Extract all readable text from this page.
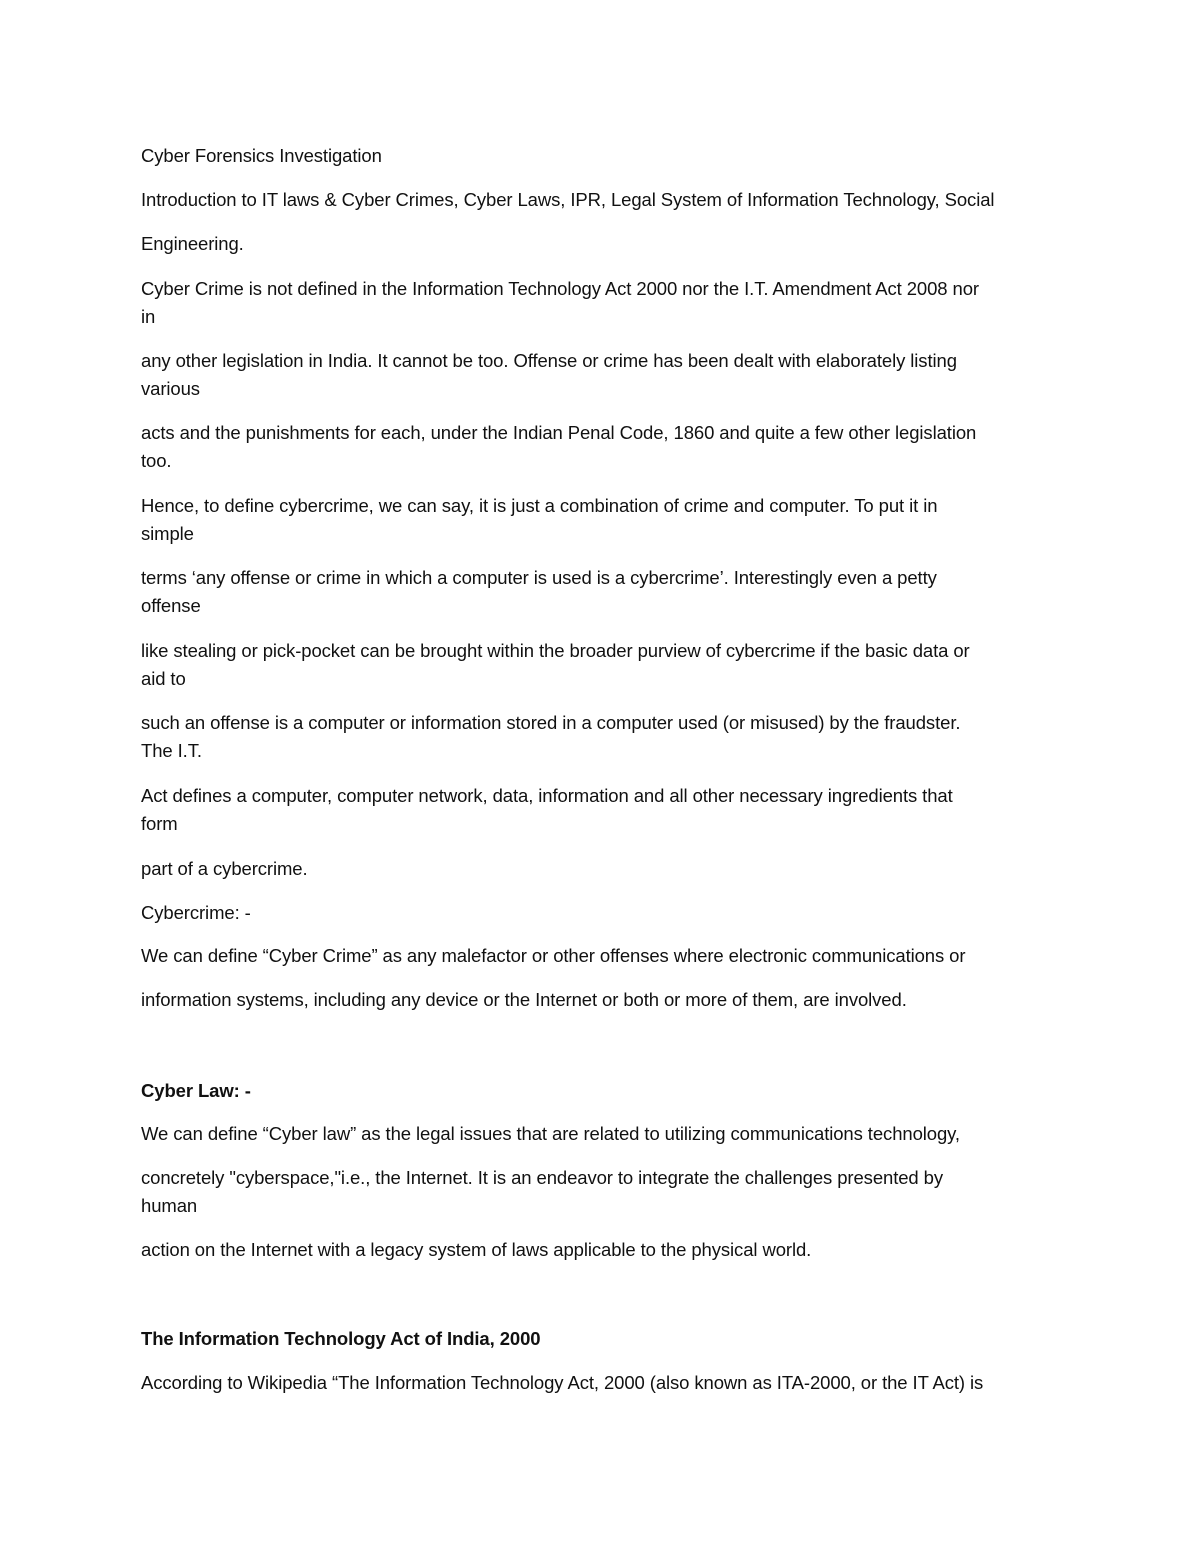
Cyber Forensics Investigation

Introduction to IT laws & Cyber Crimes, Cyber Laws, IPR, Legal System of Information Technology, Social

Engineering.

Cyber Crime is not defined in the Information Technology Act 2000 nor the I.T. Amendment Act 2008 nor
in

any other legislation in India. It cannot be too. Offense or crime has been dealt with elaborately listing
various

acts and the punishments for each, under the Indian Penal Code, 1860 and quite a few other legislation
too.

Hence, to define cybercrime, we can say, it is just a combination of crime and computer. To put it in
simple

terms ‘any offense or crime in which a computer is used is a cybercrime’. Interestingly even a petty
offense

like stealing or pick-pocket can be brought within the broader purview of cybercrime if the basic data or
aid to

such an offense is a computer or information stored in a computer used (or misused) by the fraudster.
The I.T.

Act defines a computer, computer network, data, information and all other necessary ingredients that
form

part of a cybercrime.

Cybercrime: -

We can define “Cyber Crime” as any malefactor or other offenses where electronic communications or

information systems, including any device or the Internet or both or more of them, are involved.

Cyber Law: -

We can define “Cyber law” as the legal issues that are related to utilizing communications technology,

concretely "cyberspace,"i.e., the Internet. It is an endeavor to integrate the challenges presented by
human

action on the Internet with a legacy system of laws applicable to the physical world.

The Information Technology Act of India, 2000

According to Wikipedia “The Information Technology Act, 2000 (also known as ITA-2000, or the IT Act) is
